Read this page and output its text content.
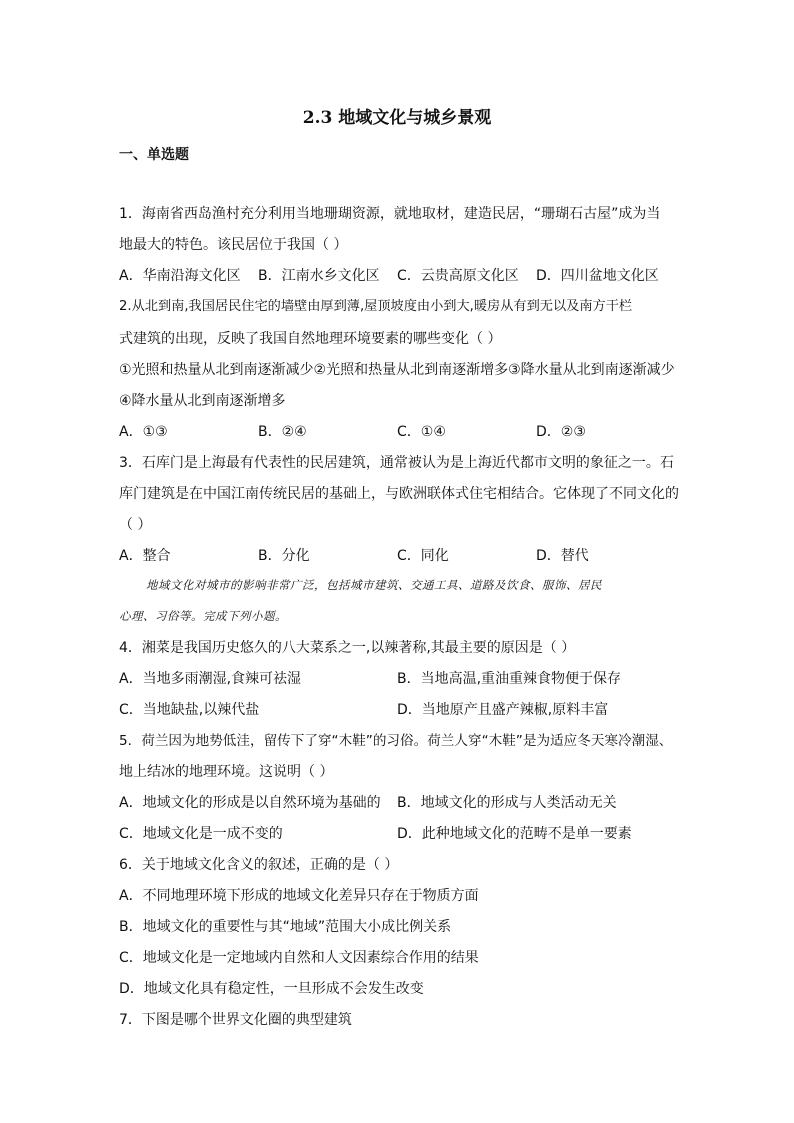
2.3 地域文化与城乡景观
一、单选题
1．海南省西岛渔村充分利用当地珊瑚资源，就地取材，建造民居，“珊瑚石古屋”成为当
地最大的特色。该民居位于我国（ ）
A．华南沿海文化区 B．江南水乡文化区 C．云贵高原文化区 D．四川盆地文化区
2.从北到南,我国居民住宅的墙壁由厚到薄,屋顶坡度由小到大,暖房从有到无以及南方干栏
式建筑的出现，反映了我国自然地理环境要素的哪些变化（ ）
①光照和热量从北到南逐渐减少②光照和热量从北到南逐渐增多③降水量从北到南逐渐减少
④降水量从北到南逐渐增多
A．①③	B．②④	C．①④	D．②③
3．石库门是上海最有代表性的民居建筑，通常被认为是上海近代都市文明的象征之一。石
库门建筑是在中国江南传统民居的基础上，与欧洲联体式住宅相结合。它体现了不同文化的
（ ）
A．整合	B．分化	C．同化	D．替代
地域文化对城市的影响非常广泛，包括城市建筑、交通工具、道路及饮食、服饰、居民
心理、习俗等。完成下列小题。
4．湘菜是我国历史悠久的八大菜系之一,以辣著称,其最主要的原因是（ ）
A．当地多雨潮湿,食辣可祛湿	B．当地高温,重油重辣食物便于保存
C．当地缺盐,以辣代盐	D．当地原产且盛产辣椒,原料丰富
5．荷兰因为地势低洼，留传下了穿“木鞋”的习俗。荷兰人穿“木鞋”是为适应冬天寒冷潮湿、
地上结冰的地理环境。这说明（ ）
A．地域文化的形成是以自然环境为基础的 B．地域文化的形成与人类活动无关
C．地域文化是一成不变的	D．此种地域文化的范畴不是单一要素
6．关于地域文化含义的叙述，正确的是（ ）
A．不同地理环境下形成的地域文化差异只存在于物质方面
B．地域文化的重要性与其“地域”范围大小成比例关系
C．地域文化是一定地域内自然和人文因素综合作用的结果
D．地域文化具有稳定性，一旦形成不会发生改变
7．下图是哪个世界文化圈的典型建筑
